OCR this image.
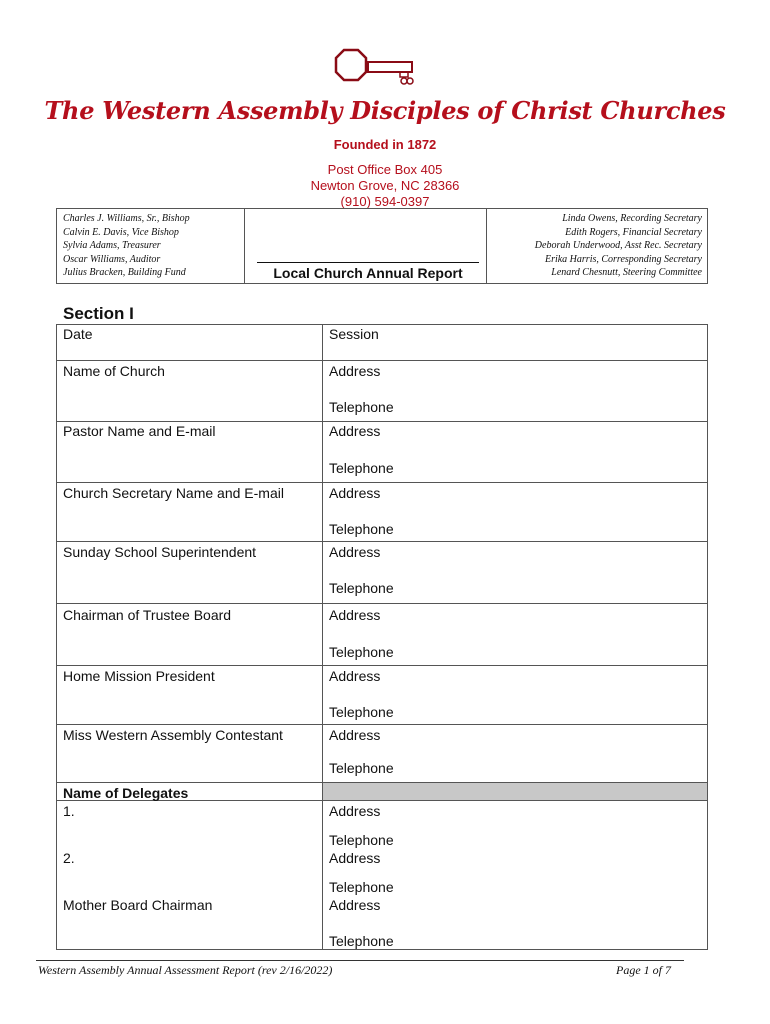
The Western Assembly Disciples of Christ Churches
Founded in 1872
Post Office Box 405
Newton Grove, NC 28366
(910) 594-0397
Charles J. Williams, Sr., Bishop
Calvin E. Davis, Vice Bishop
Sylvia Adams, Treasurer
Oscar Williams, Auditor
Julius Bracken, Building Fund
Linda Owens, Recording Secretary
Edith Rogers, Financial Secretary
Deborah Underwood, Asst Rec. Secretary
Erika Harris, Corresponding Secretary
Lenard Chesnutt, Steering Committee
Local Church Annual Report
Section I
Date
Name of Church
Pastor Name and E-mail
Church Secretary Name and E-mail
Sunday School Superintendent
Chairman of Trustee Board
Home Mission President
Miss Western Assembly Contestant
Name of Delegates
1.
2.
Mother Board Chairman
Session
Address
Telephone
Address
Telephone
Address
Telephone
Address
Telephone
Address
Telephone
Address
Telephone
Address
Telephone
Address
Telephone
Address
Telephone
Address
Telephone
Western Assembly Annual Assessment Report (rev 2/16/2022)	Page 1 of 7
